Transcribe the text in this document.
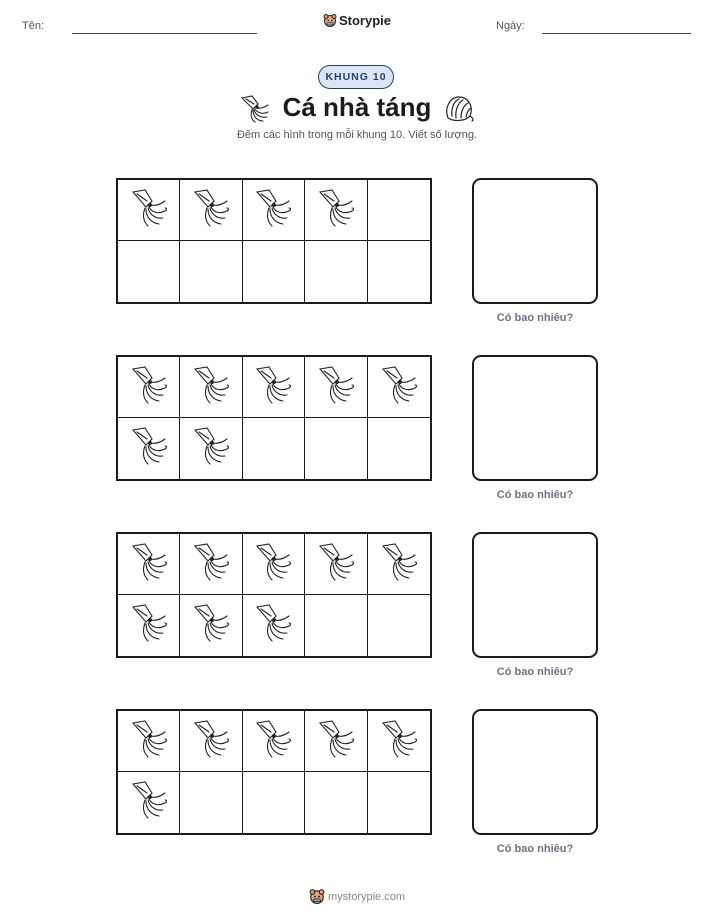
Tên:	Storypie	Ngày:
KHUNG 10
Cá nhà táng
Đếm các hình trong mỗi khung 10. Viết số lượng.
Có bao nhiêu?
Có bao nhiêu?
Có bao nhiêu?
Có bao nhiêu?
mystorypie.com
